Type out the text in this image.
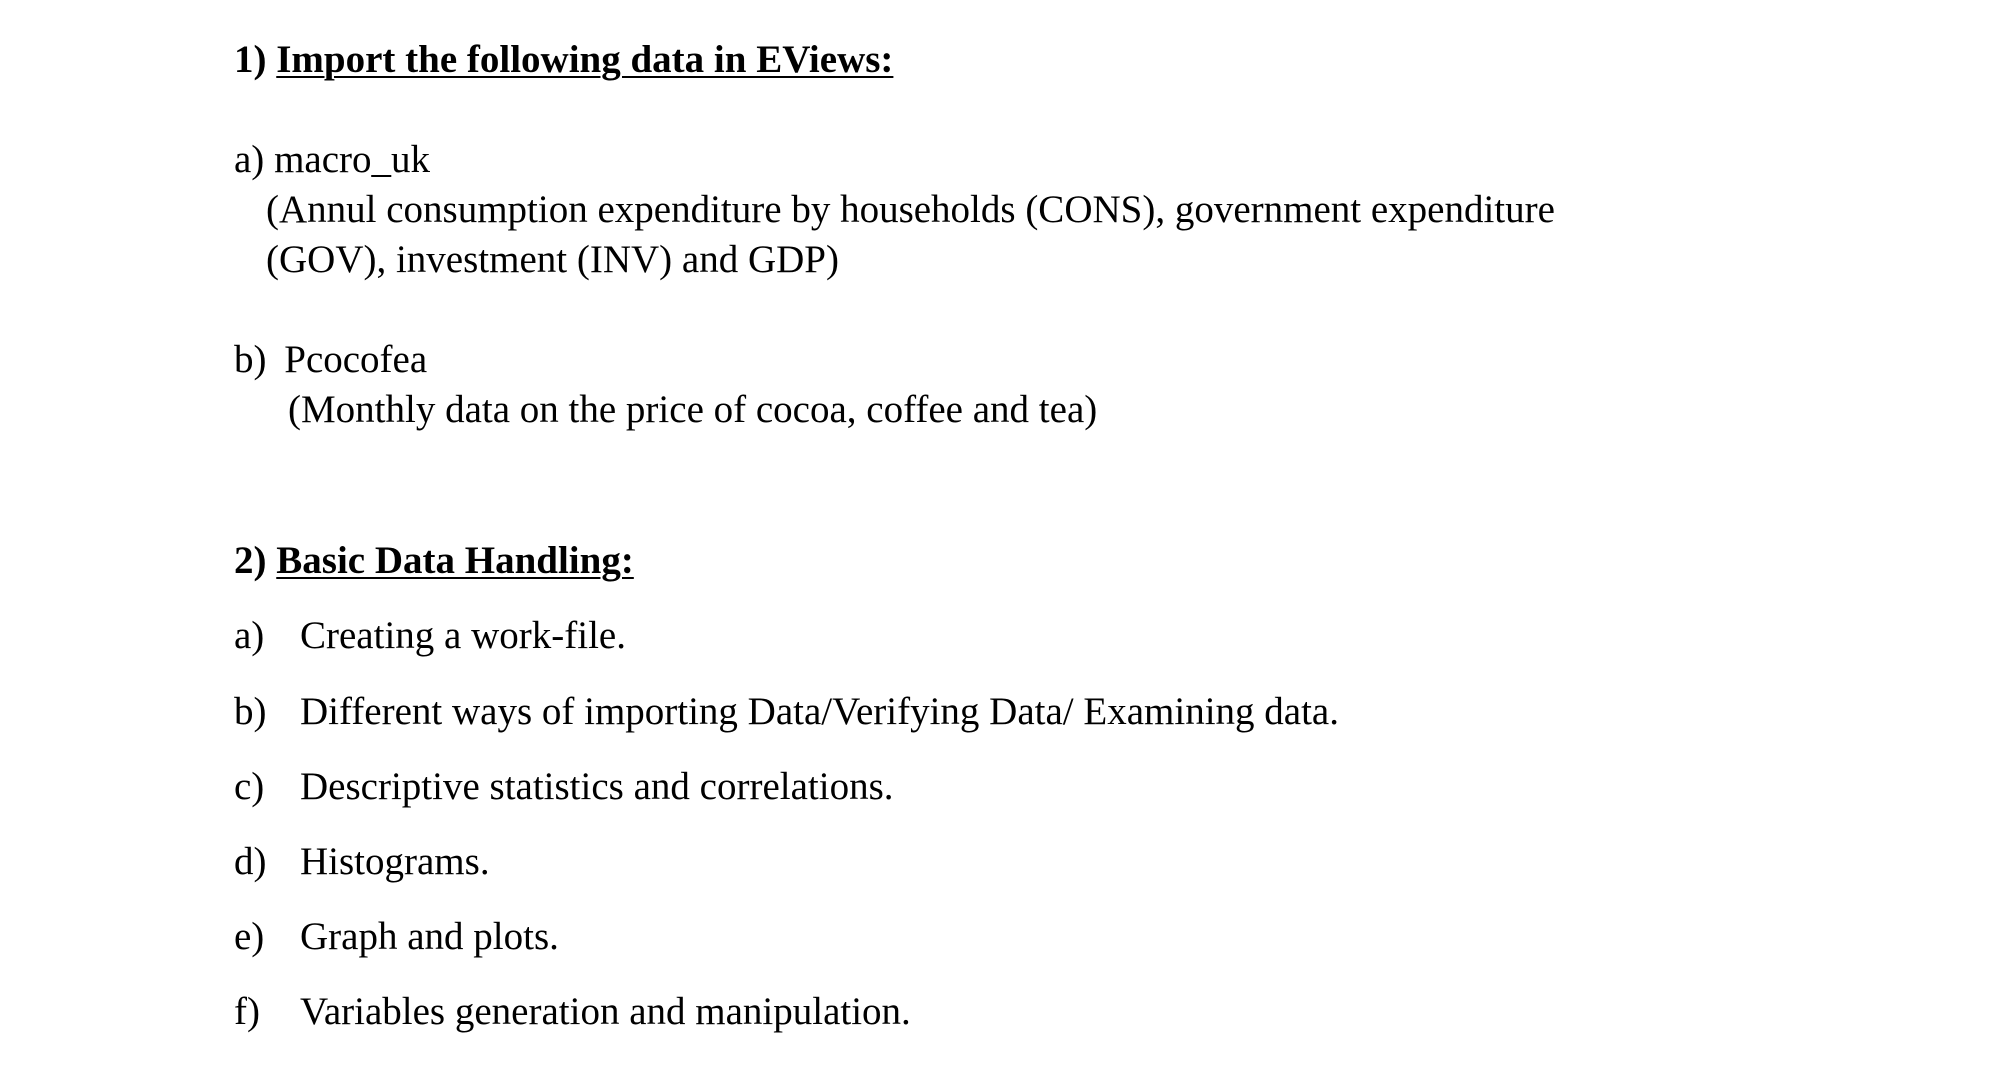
1) Import the following data in EViews:
a) macro_uk
(Annul consumption expenditure by households (CONS), government expenditure
(GOV), investment (INV) and GDP)
b) Pcocofea
(Monthly data on the price of cocoa, coffee and tea)
2) Basic Data Handling:
a) Creating a work-file.
b) Different ways of importing Data/Verifying Data/ Examining data.
c) Descriptive statistics and correlations.
d) Histograms.
e) Graph and plots.
f) Variables generation and manipulation.
